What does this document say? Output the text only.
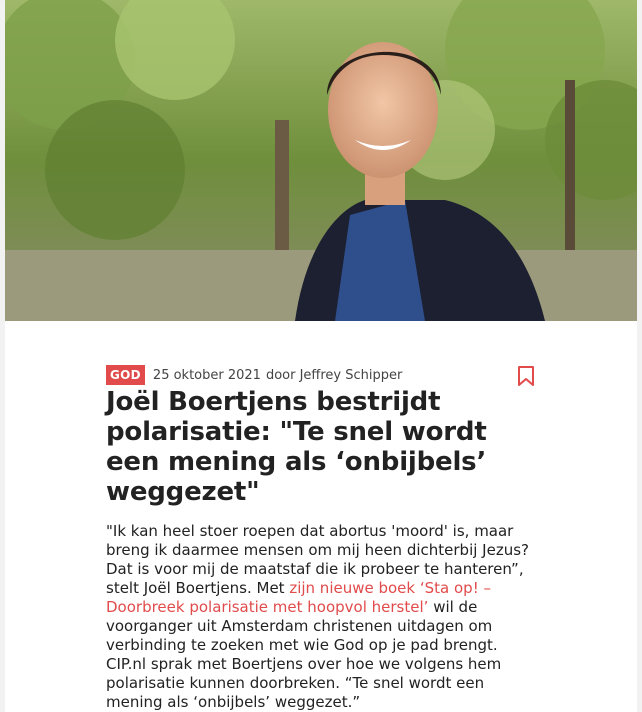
GOD 25 oktober 2021 door Jeffrey Schipper
Joël Boertjens bestrijdt polarisatie: "Te snel wordt een mening als ‘onbijbels’ weggezet"

"Ik kan heel stoer roepen dat abortus 'moord' is, maar breng ik daarmee mensen om mij heen dichterbij Jezus? Dat is voor mij de maatstaf die ik probeer te hanteren”, stelt Joël Boertjens. Met zijn nieuwe boek ‘Sta op! – Doorbreek polarisatie met hoopvol herstel’ wil de voorganger uit Amsterdam christenen uitdagen om verbinding te zoeken met wie God op je pad brengt. CIP.nl sprak met Boertjens over hoe we volgens hem polarisatie kunnen doorbreken. “Te snel wordt een mening als ‘onbijbels’ weggezet.”
